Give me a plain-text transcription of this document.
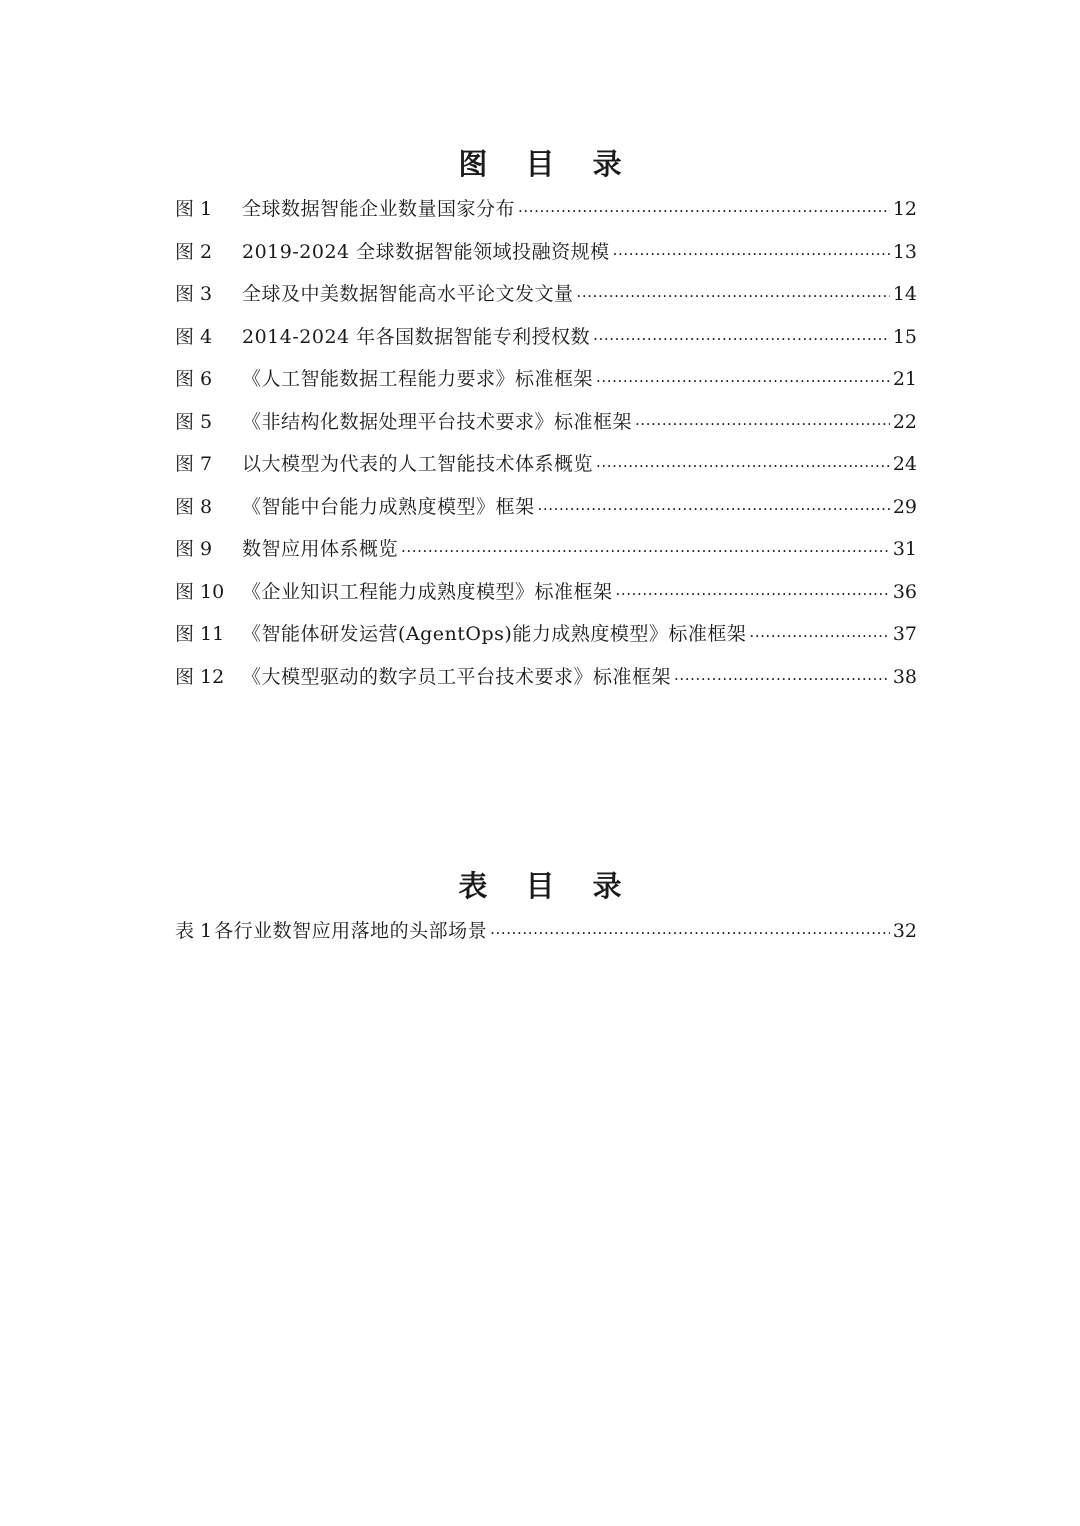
图 目 录
图 1	全球数据智能企业数量国家分布 .....	12
图 2	2019-2024 全球数据智能领域投融资规模 .....	13
图 3	全球及中美数据智能高水平论文发文量 .....	14
图 4	2014-2024 年各国数据智能专利授权数 .....	15
图 6	《人工智能数据工程能力要求》标准框架 .....	21
图 5	《非结构化数据处理平台技术要求》标准框架 .....	22
图 7	以大模型为代表的人工智能技术体系概览 .....	24
图 8	《智能中台能力成熟度模型》框架 .....	29
图 9	数智应用体系概览 .....	31
图 10 《企业知识工程能力成熟度模型》标准框架 .....	36
图 11 《智能体研发运营(AgentOps)能力成熟度模型》标准框架 .....	37
图 12 《大模型驱动的数字员工平台技术要求》标准框架 .....	38
表 目 录
表 1 各行业数智应用落地的头部场景 .....	32
